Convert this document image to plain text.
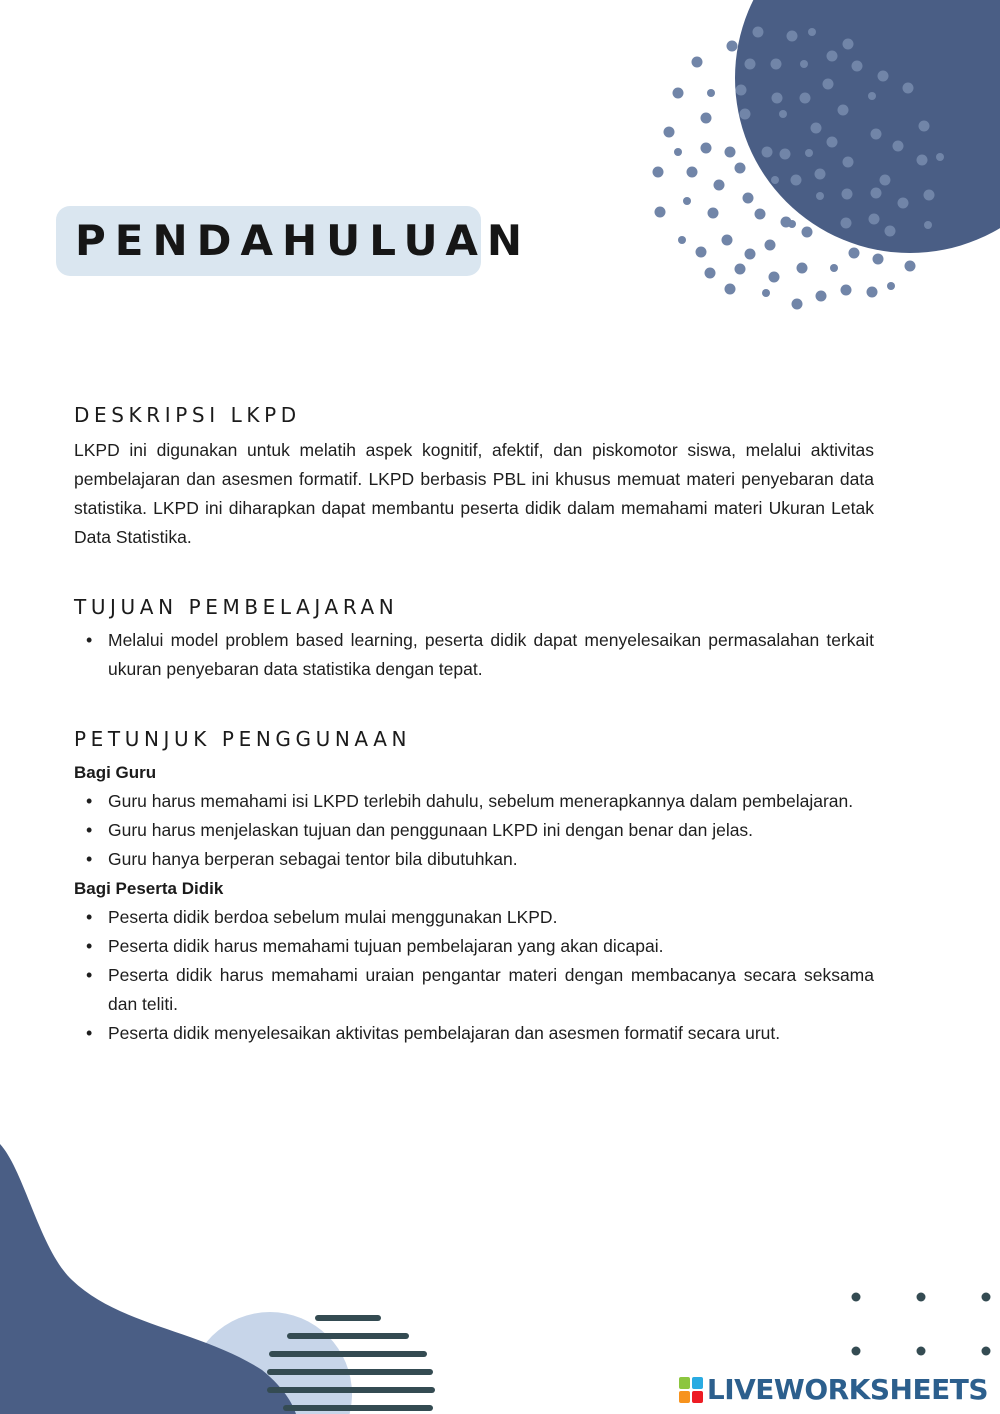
PENDAHULUAN
DESKRIPSI LKPD

LKPD ini digunakan untuk melatih aspek kognitif, afektif, dan piskomotor siswa, melalui aktivitas pembelajaran dan asesmen formatif. LKPD berbasis PBL ini khusus memuat materi penyebaran data statistika. LKPD ini diharapkan dapat membantu peserta didik dalam memahami materi Ukuran Letak Data Statistika.

TUJUAN PEMBELAJARAN
• Melalui model problem based learning, peserta didik dapat menyelesaikan permasalahan terkait ukuran penyebaran data statistika dengan tepat.
PETUNJUK PENGGUNAAN

Bagi Guru

• Guru harus memahami isi LKPD terlebih dahulu, sebelum menerapkannya dalam pembelajaran.
• Guru harus menjelaskan tujuan dan penggunaan LKPD ini dengan benar dan jelas.
• Guru hanya berperan sebagai tentor bila dibutuhkan.

Bagi Peserta Didik

• Peserta didik berdoa sebelum mulai menggunakan LKPD.
• Peserta didik harus memahami tujuan pembelajaran yang akan dicapai.
• Peserta didik harus memahami uraian pengantar materi dengan membacanya secara seksama dan teliti.
• Peserta didik menyelesaikan aktivitas pembelajaran dan asesmen formatif secara urut.
LIVEWORKSHEETS
